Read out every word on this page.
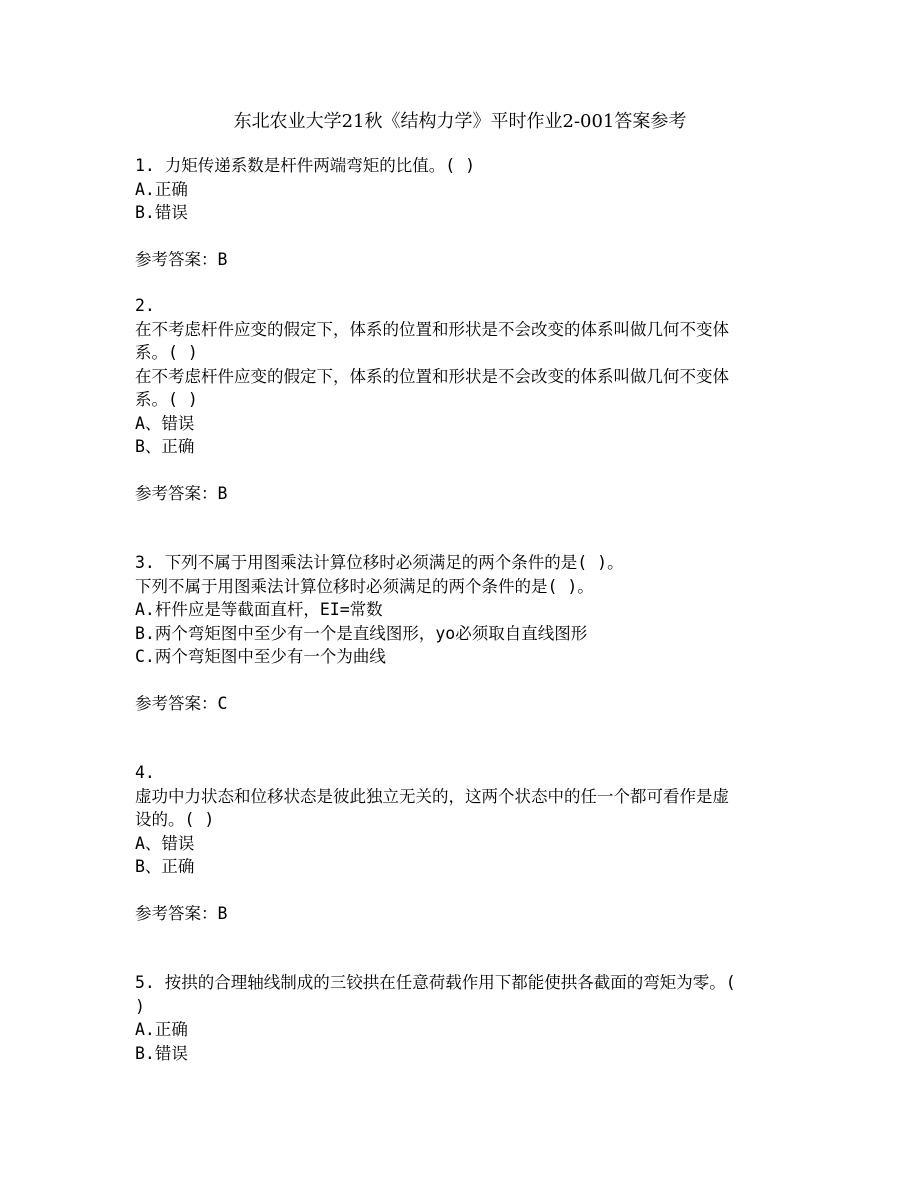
东北农业大学21秋《结构力学》平时作业2-001答案参考
1. 力矩传递系数是杆件两端弯矩的比值。( )
A.正确
B.错误
参考答案：B
2.
在不考虑杆件应变的假定下，体系的位置和形状是不会改变的体系叫做几何不变体
系。( )
在不考虑杆件应变的假定下，体系的位置和形状是不会改变的体系叫做几何不变体
系。( )
A、错误
B、正确
参考答案：B
3. 下列不属于用图乘法计算位移时必须满足的两个条件的是( )。
下列不属于用图乘法计算位移时必须满足的两个条件的是( )。
A.杆件应是等截面直杆，EI=常数
B.两个弯矩图中至少有一个是直线图形，yo必须取自直线图形
C.两个弯矩图中至少有一个为曲线
参考答案：C
4.
虚功中力状态和位移状态是彼此独立无关的，这两个状态中的任一个都可看作是虚
设的。( )
A、错误
B、正确
参考答案：B
5. 按拱的合理轴线制成的三铰拱在任意荷载作用下都能使拱各截面的弯矩为零。(
)
A.正确
B.错误
